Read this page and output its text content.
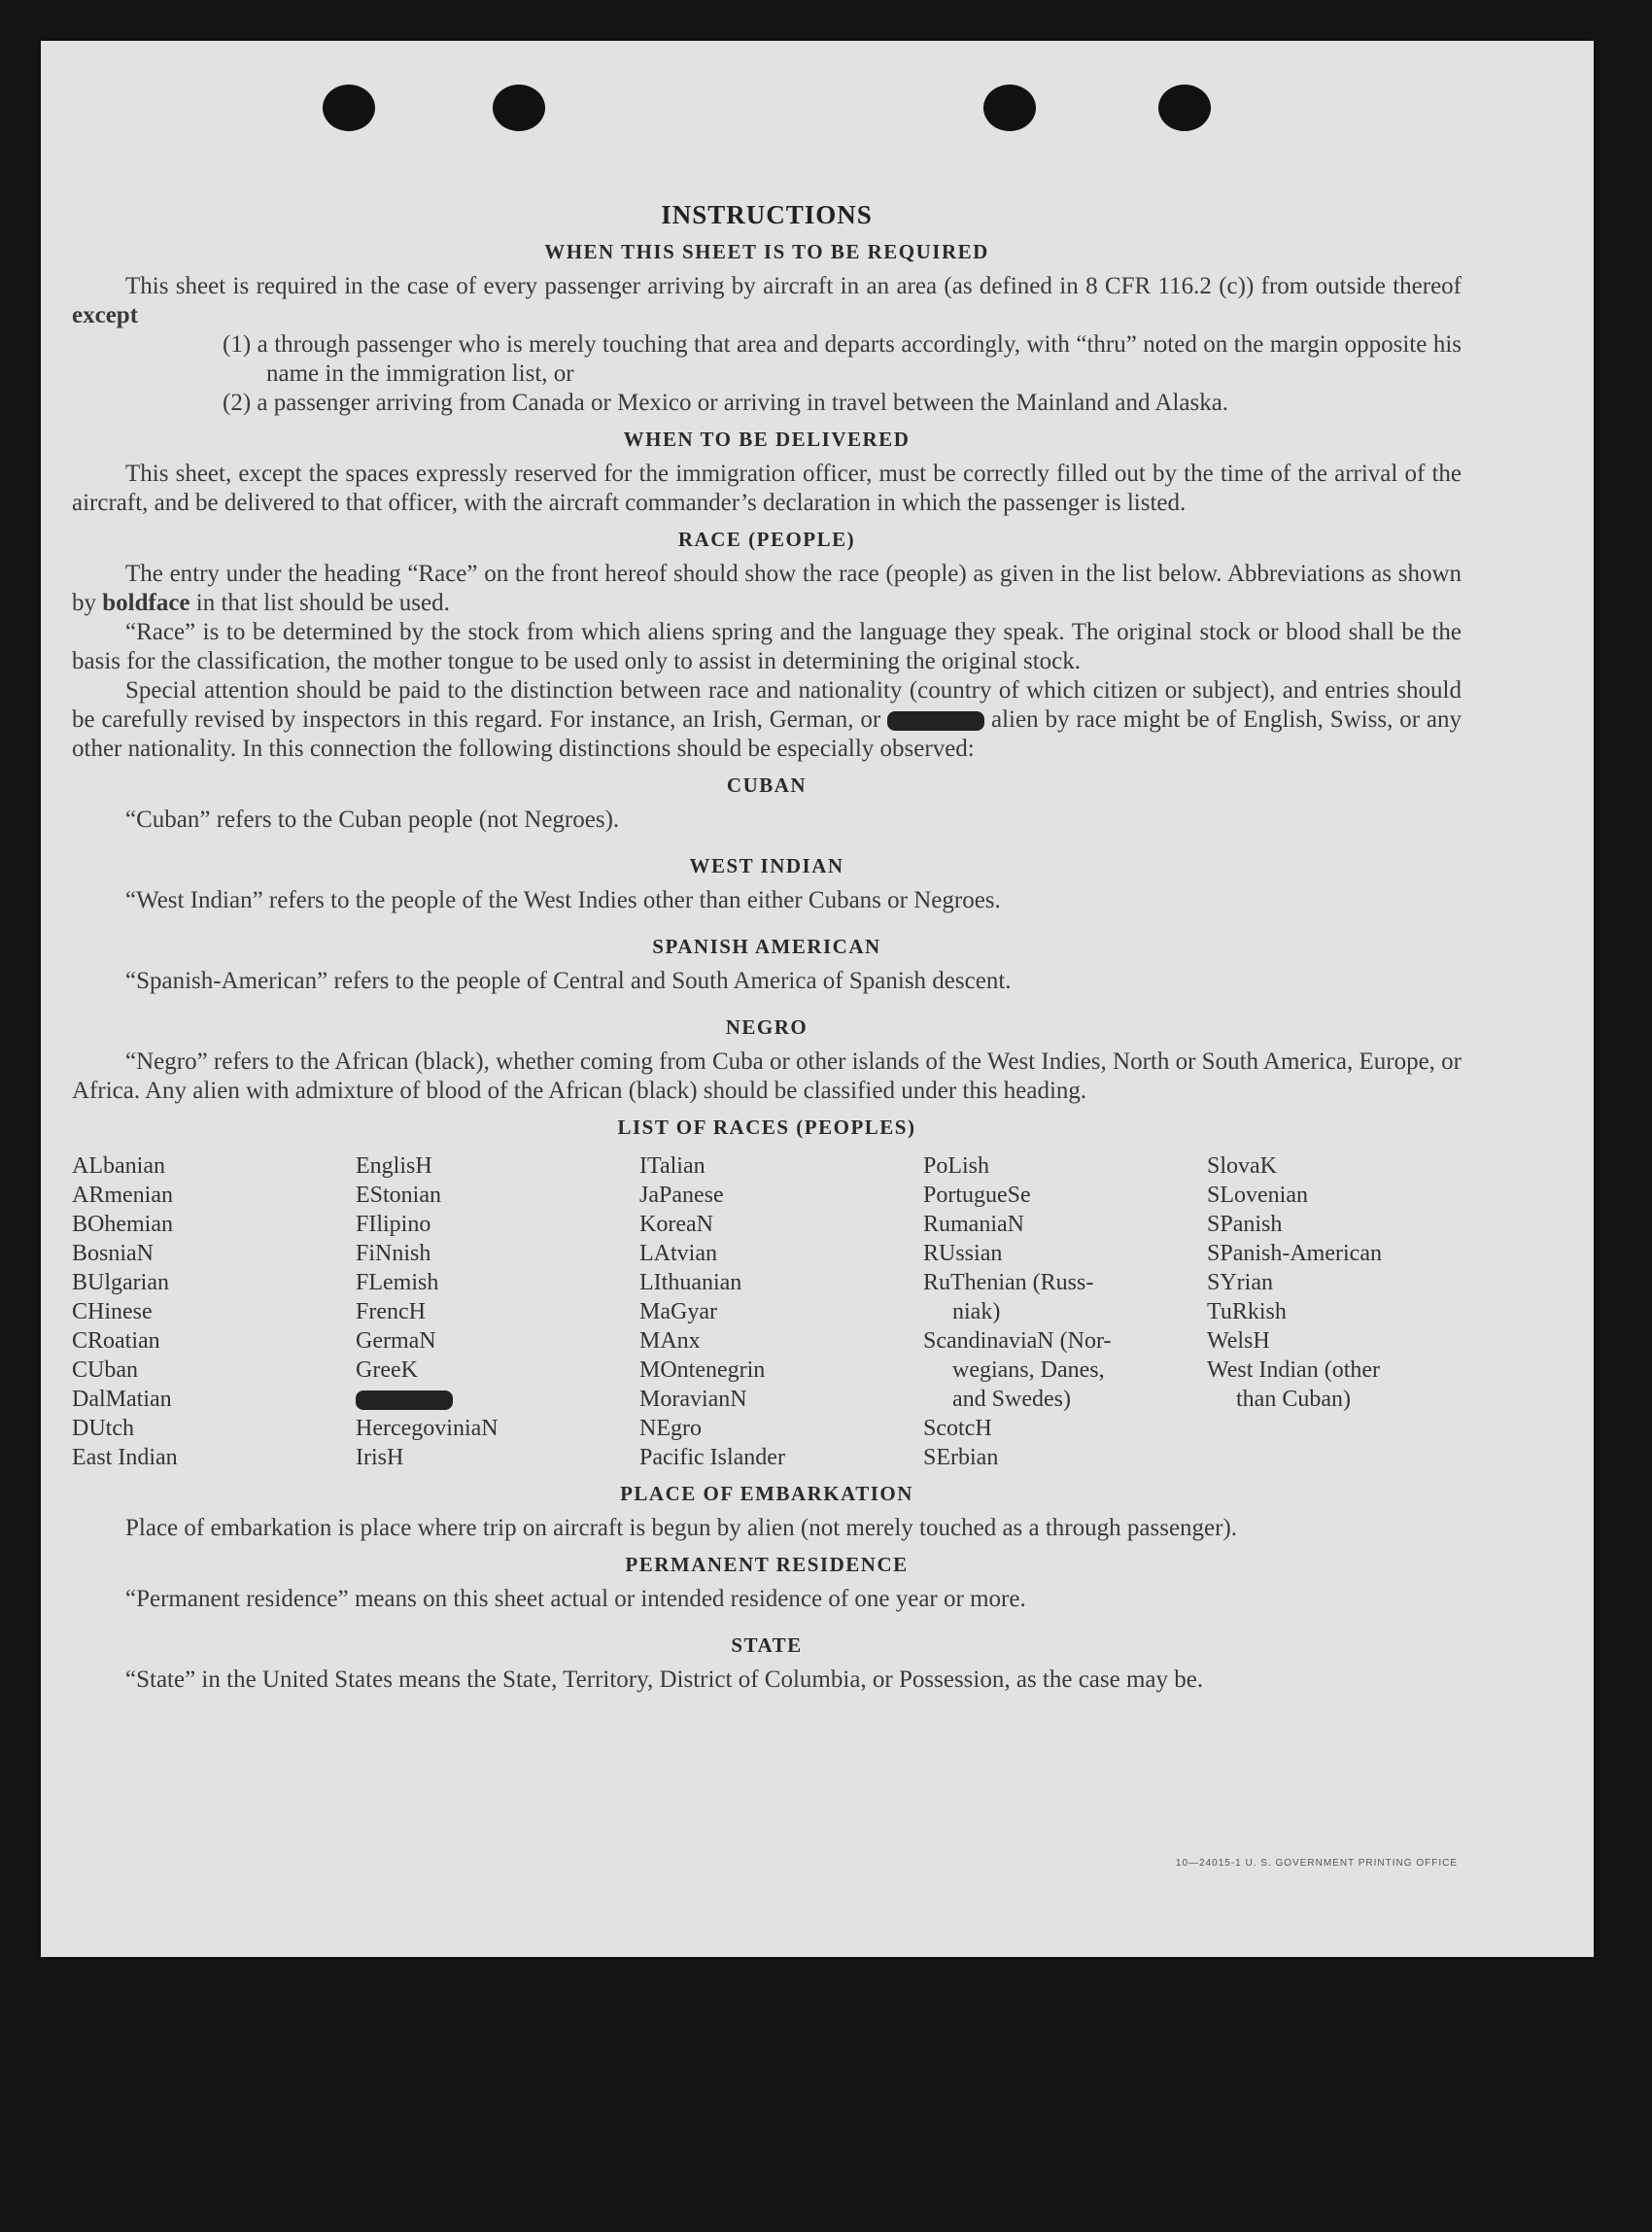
INSTRUCTIONS
WHEN THIS SHEET IS TO BE REQUIRED

This sheet is required in the case of every passenger arriving by aircraft in an area (as defined in 8 CFR 116.2 (c)) from outside thereof except

(1) a through passenger who is merely touching that area and departs accordingly, with “thru” noted on the margin opposite his name in the immigration list, or
(2) a passenger arriving from Canada or Mexico or arriving in travel between the Mainland and Alaska.
WHEN TO BE DELIVERED

This sheet, except the spaces expressly reserved for the immigration officer, must be correctly filled out by the time of the arrival of the aircraft, and be delivered to that officer, with the aircraft commander’s declaration in which the passenger is listed.

RACE (PEOPLE)

The entry under the heading “Race” on the front hereof should show the race (people) as given in the list below. Abbreviations as shown by boldface in that list should be used.

“Race” is to be determined by the stock from which aliens spring and the language they speak. The original stock or blood shall be the basis for the classification, the mother tongue to be used only to assist in determining the original stock.

Special attention should be paid to the distinction between race and nationality (country of which citizen or subject), and entries should be carefully revised by inspectors in this regard. For instance, an Irish, German, or	alien by race might be of English, Swiss, or any other nationality. In this connection the following distinctions should be especially observed:

CUBAN

“Cuban” refers to the Cuban people (not Negroes).

WEST INDIAN

“West Indian” refers to the people of the West Indies other than either Cubans or Negroes.

SPANISH AMERICAN

“Spanish-American” refers to the people of Central and South America of Spanish descent.

NEGRO

“Negro” refers to the African (black), whether coming from Cuba or other islands of the West Indies, North or South America, Europe, or Africa. Any alien with admixture of blood of the African (black) should be classified under this heading.

LIST OF RACES (PEOPLES)
ALbanian
ARmenian
BOhemian
BosniaN
BUlgarian
CHinese
CRoatian
CUban
DalMatian
DUtch
East Indian
EnglisH
EStonian
FIlipino
FiNnish
FLemish
FrencH
GermaN
GreeK
HercegoviniaN
IrisH
ITalian
JaPanese
KoreaN
LAtvian
LIthuanian
MaGyar
MAnx
MOntenegrin
MoravianN
NEgro
Pacific Islander
PoLish
PortugueSe
RumaniaN
RUssian
RuThenian (Russ-
niak)
ScandinaviaN (Nor-
wegians, Danes,
and Swedes)
ScotcH
SErbian
SlovaK
SLovenian
SPanish
SPanish-American
SYrian
TuRkish
WelsH
West Indian (other
than Cuban)
PLACE OF EMBARKATION

Place of embarkation is place where trip on aircraft is begun by alien (not merely touched as a through passenger).

PERMANENT RESIDENCE

“Permanent residence” means on this sheet actual or intended residence of one year or more.

STATE

“State” in the United States means the State, Territory, District of Columbia, or Possession, as the case may be.

10—24015-1 U. S. GOVERNMENT PRINTING OFFICE
